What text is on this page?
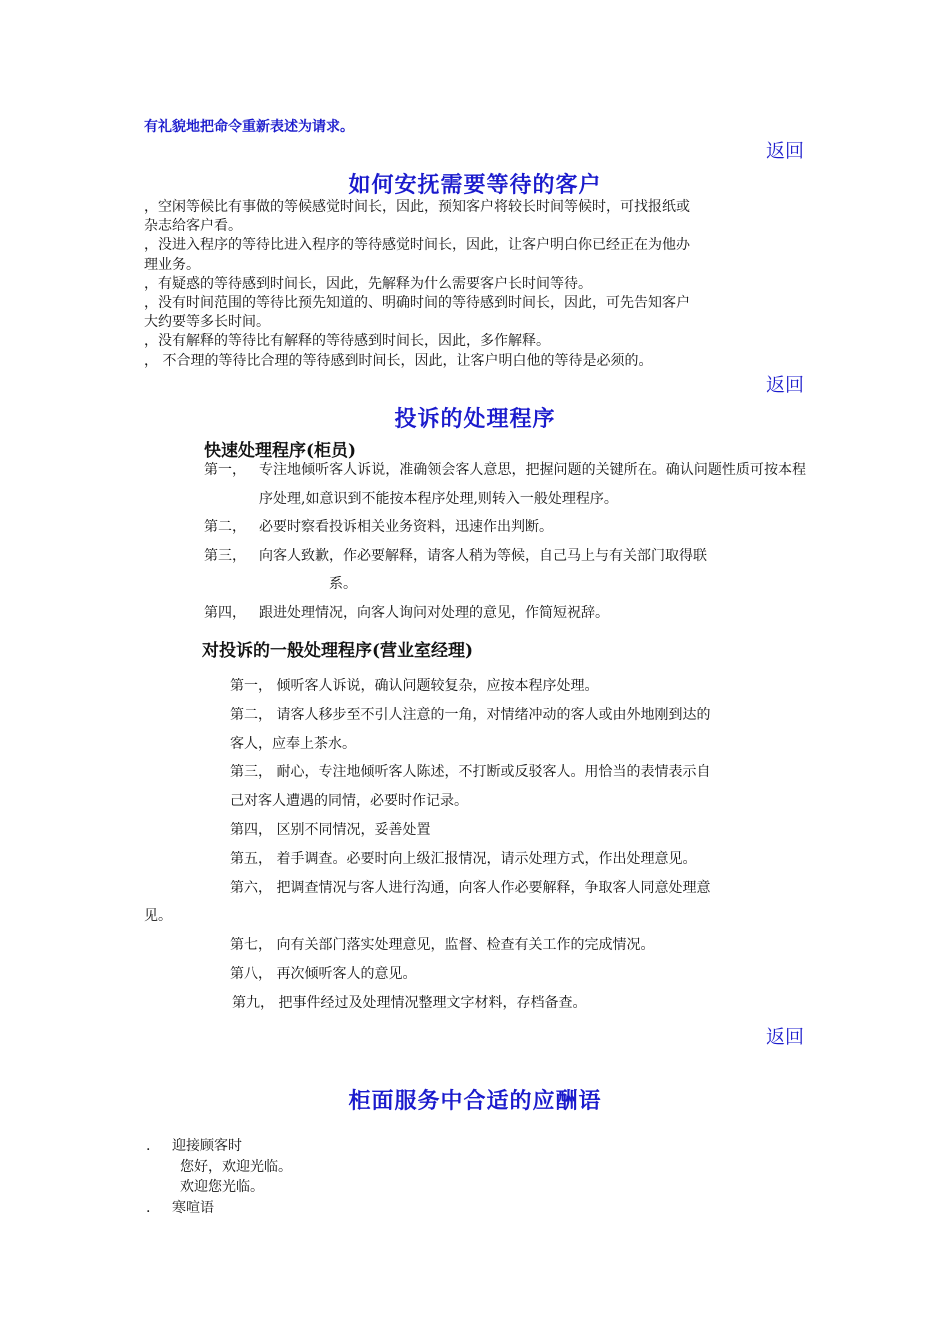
有礼貌地把命令重新表述为请求。
返回
如何安抚需要等待的客户

，空闲等候比有事做的等候感觉时间长，因此，预知客户将较长时间等候时，可找报纸或

杂志给客户看。

，没进入程序的等待比进入程序的等待感觉时间长，因此，让客户明白你已经正在为他办

理业务。

，有疑惑的等待感到时间长，因此，先解释为什么需要客户长时间等待。

，没有时间范围的等待比预先知道的、明确时间的等待感到时间长，因此，可先告知客户

大约要等多长时间。

，没有解释的等待比有解释的等待感到时间长，因此，多作解释。

， 不合理的等待比合理的等待感到时间长，因此，让客户明白他的等待是必须的。

返回
投诉的处理程序
快速处理程序(柜员)
第一， 专注地倾听客人诉说，准确领会客人意思，把握问题的关键所在。确认问题性质可按本程序处理,如意识到不能按本程序处理,则转入一般处理程序。
第二， 必要时察看投诉相关业务资料，迅速作出判断。
第三， 向客人致歉，作必要解释，请客人稍为等候，自己马上与有关部门取得联
系。
第四， 跟进处理情况，向客人询问对处理的意见，作简短祝辞。
对投诉的一般处理程序(营业室经理)

第一， 倾听客人诉说，确认问题较复杂，应按本程序处理。

第二， 请客人移步至不引人注意的一角，对情绪冲动的客人或由外地刚到达的

客人，应奉上茶水。

第三， 耐心，专注地倾听客人陈述，不打断或反驳客人。用恰当的表情表示自

己对客人遭遇的同情，必要时作记录。

第四， 区别不同情况，妥善处置

第五， 着手调查。必要时向上级汇报情况，请示处理方式，作出处理意见。

第六， 把调查情况与客人进行沟通，向客人作必要解释，争取客人同意处理意

见。

第七， 向有关部门落实处理意见，监督、检查有关工作的完成情况。

第八， 再次倾听客人的意见。

第九， 把事件经过及处理情况整理文字材料，存档备查。

返回
柜面服务中合适的应酬语
.	迎接顾客时
您好，欢迎光临。
欢迎您光临。
.	寒喧语
